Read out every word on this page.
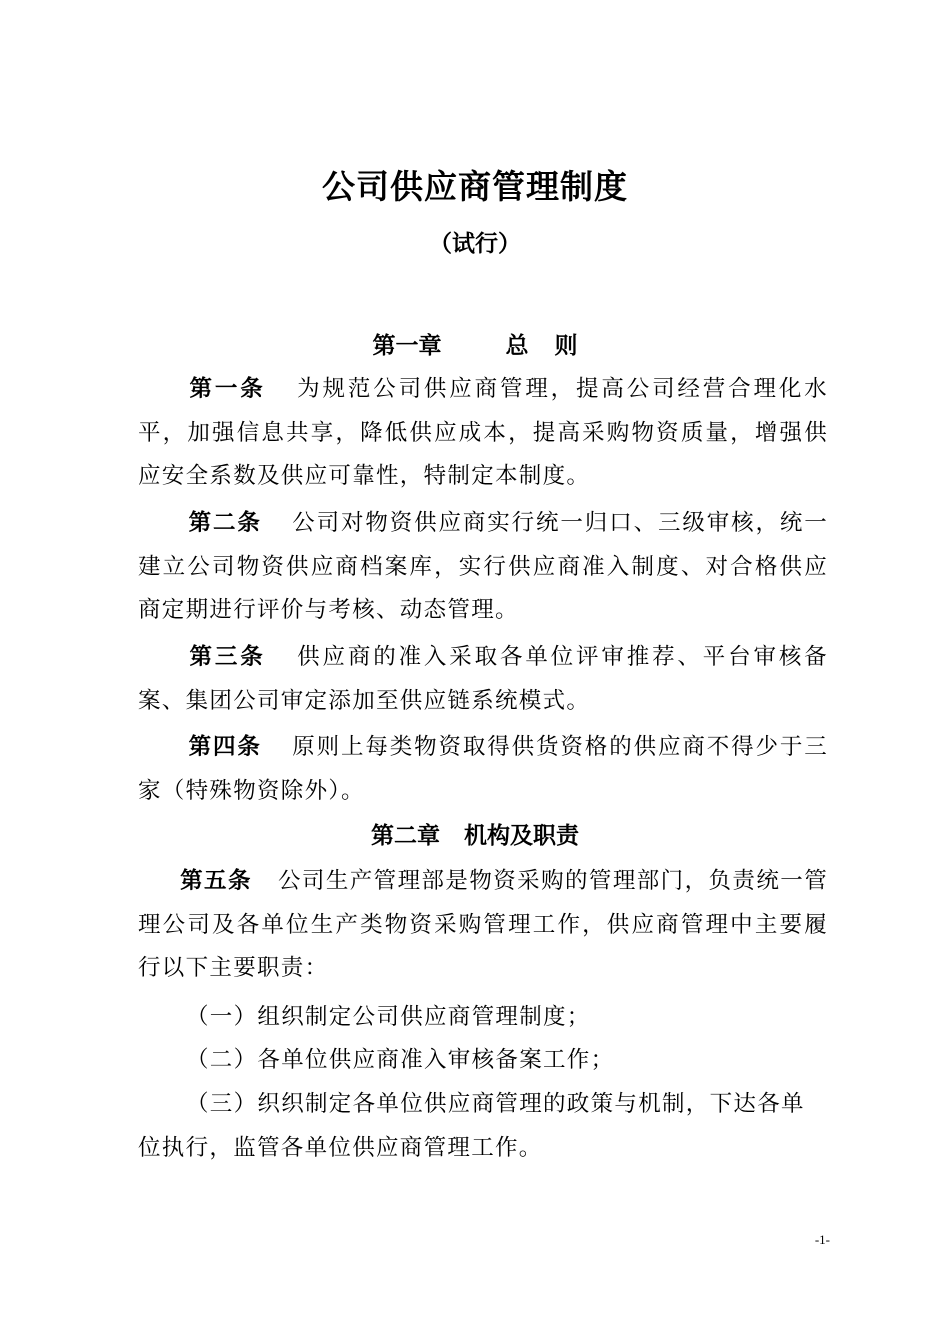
公司供应商管理制度
（试行）
第一章	总 则

第一条 为规范公司供应商管理，提高公司经营合理化水平，加强信息共享，降低供应成本，提高采购物资质量，增强供应安全系数及供应可靠性，特制定本制度。

第二条 公司对物资供应商实行统一归口、三级审核，统一建立公司物资供应商档案库，实行供应商准入制度、对合格供应商定期进行评价与考核、动态管理。

第三条 供应商的准入采取各单位评审推荐、平台审核备案、集团公司审定添加至供应链系统模式。

第四条 原则上每类物资取得供货资格的供应商不得少于三家（特殊物资除外）。

第二章 机构及职责

第五条 公司生产管理部是物资采购的管理部门，负责统一管理公司及各单位生产类物资采购管理工作，供应商管理中主要履行以下主要职责：

（一）组织制定公司供应商管理制度；

（二）各单位供应商准入审核备案工作；

（三）织织制定各单位供应商管理的政策与机制，下达各单位执行，监管各单位供应商管理工作。

-1-
